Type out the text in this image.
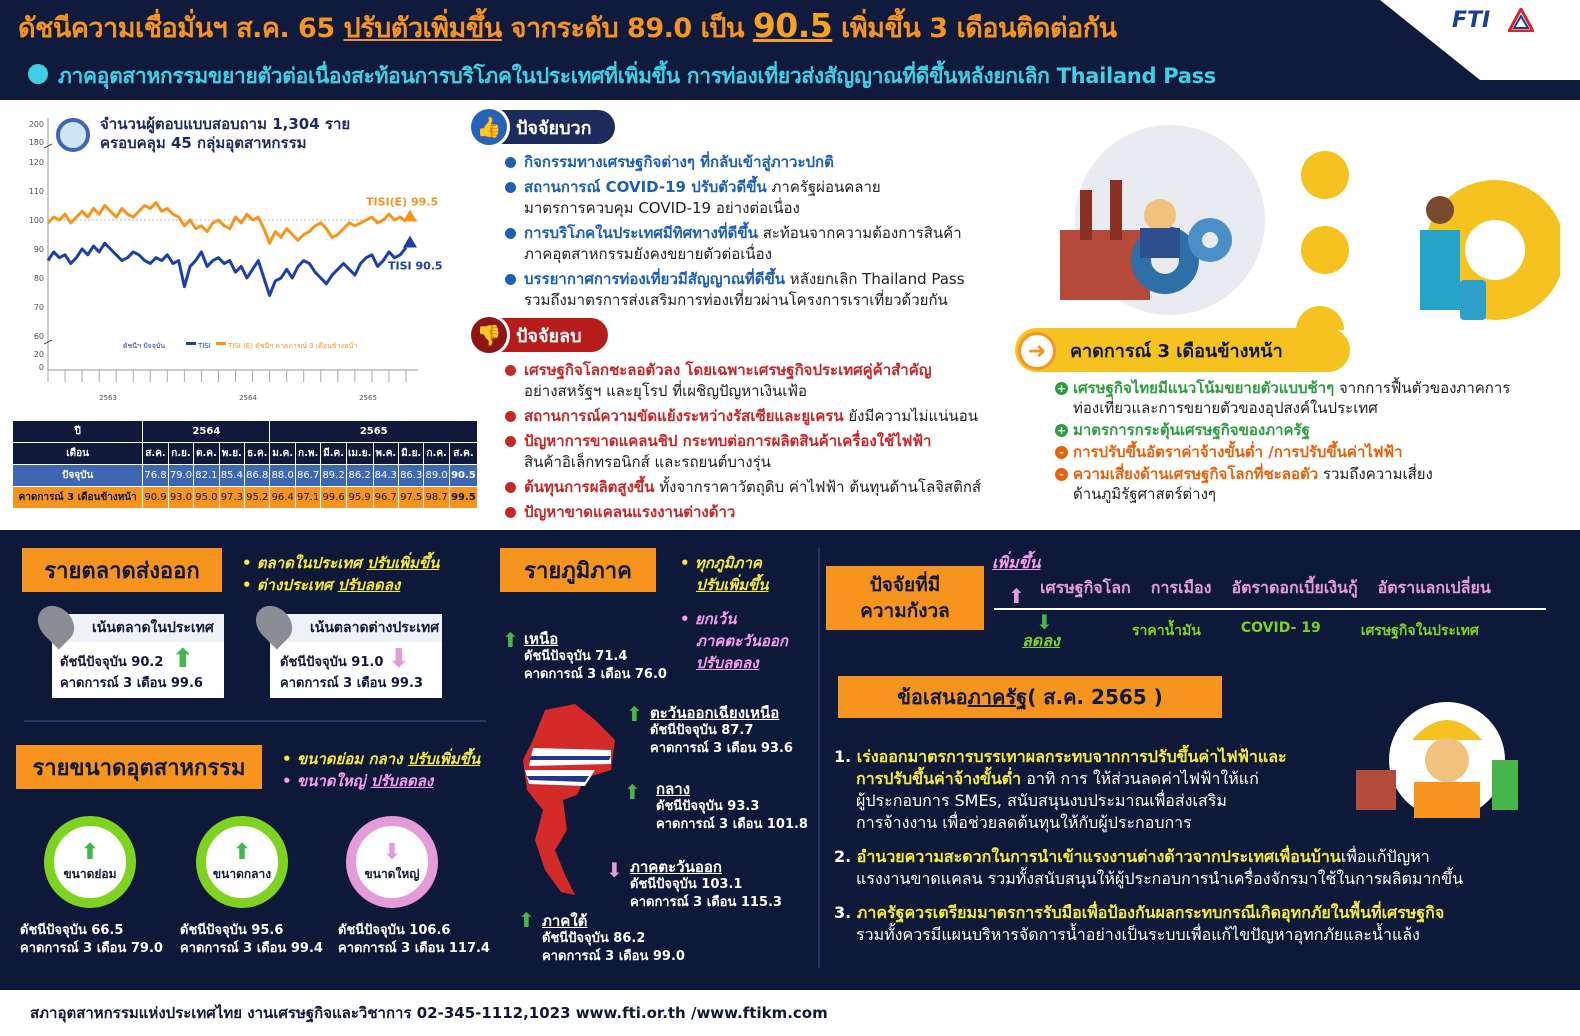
ดัชนีความเชื่อมั่นฯ ส.ค. 65 ปรับตัวเพิ่มขึ้น จากระดับ 89.0 เป็น 90.5 เพิ่มขึ้น 3 เดือนติดต่อกัน
ภาคอุตสาหกรรมขยายตัวต่อเนื่องสะท้อนการบริโภคในประเทศที่เพิ่มขึ้น การท่องเที่ยวส่งสัญญาณที่ดีขึ้นหลังยกเลิก Thailand Pass
FTI
จำนวนผู้ตอบแบบสอบถาม 1,304 ราย
ครอบคลุม 45 กลุ่มอุตสาหกรรม
200
180
120
110
100
90
80
70
60
20
0
2563	2564	2565
TISI(E) 99.5
TISI 90.5
ดัชนีฯ ปัจจุบัน	TISI TISI (E) ดัชนีฯ คาดการณ์ 3 เดือนข้างหน้า
ปี	2564					2565							
เดือน	ส.ค.	ก.ย.	ต.ค.	พ.ย.	ธ.ค.	ม.ค.	ก.พ.	มี.ค.	เม.ย.	พ.ค.	มิ.ย.	ก.ค.	ส.ค.
ปัจจุบัน	76.8	79.0	82.1	85.4	86.8	88.0	86.7	89.2	86.2	84.3	86.3	89.0	90.5
คาดการณ์ 3 เดือนข้างหน้า	90.9	93.0	95.0	97.3	95.2	96.4	97.1	99.6	95.9	96.7	97.5	98.7	99.5
ปัจจัยบวก
👍
กิจกรรมทางเศรษฐกิจต่างๆ ที่กลับเข้าสู่ภาวะปกติ
สถานการณ์ COVID-19 ปรับตัวดีขึ้น ภาครัฐผ่อนคลาย
มาตรการควบคุม COVID-19 อย่างต่อเนื่อง
การบริโภคในประเทศมีทิศทางที่ดีขึ้น สะท้อนจากความต้องการสินค้า
ภาคอุตสาหกรรมยังคงขยายตัวต่อเนื่อง
บรรยากาศการท่องเที่ยวมีสัญญาณที่ดีขึ้น หลังยกเลิก Thailand Pass
รวมถึงมาตรการส่งเสริมการท่องเที่ยวผ่านโครงการเราเที่ยวด้วยกัน
ปัจจัยลบ
👎
เศรษฐกิจโลกชะลอตัวลง โดยเฉพาะเศรษฐกิจประเทศคู่ค้าสำคัญ
อย่างสหรัฐฯ และยุโรป ที่เผชิญปัญหาเงินเฟ้อ
สถานการณ์ความขัดแย้งระหว่างรัสเซียและยูเครน ยังมีความไม่แน่นอน
ปัญหาการขาดแคลนชิป กระทบต่อการผลิตสินค้าเครื่องใช้ไฟฟ้า
สินค้าอิเล็กทรอนิกส์ และรถยนต์บางรุ่น
ต้นทุนการผลิตสูงขึ้น ทั้งจากราคาวัตถุดิบ ค่าไฟฟ้า ต้นทุนด้านโลจิสติกส์
ปัญหาขาดแคลนแรงงานต่างด้าว
คาดการณ์ 3 เดือนข้างหน้า
➜
+ เศรษฐกิจไทยมีแนวโน้มขยายตัวแบบช้าๆ จากการฟื้นตัวของภาคการ
ท่องเที่ยวและการขยายตัวของอุปสงค์ในประเทศ
+ มาตรการกระตุ้นเศรษฐกิจของภาครัฐ
- การปรับขึ้นอัตราค่าจ้างขั้นต่ำ /การปรับขึ้นค่าไฟฟ้า
- ความเสี่ยงด้านเศรษฐกิจโลกที่ชะลอตัว รวมถึงความเสี่ยง
ด้านภูมิรัฐศาสตร์ต่างๆ
รายตลาดส่งออก	• ตลาดในประเทศ ปรับเพิ่มขึ้น
• ต่างประเทศ ปรับลดลง
เน้นตลาดในประเทศ
ดัชนีปัจจุบัน 90.2
คาดการณ์ 3 เดือน 99.6
⬆
เน้นตลาดต่างประเทศ
ดัชนีปัจจุบัน 91.0
คาดการณ์ 3 เดือน 99.3
⬇
รายขนาดอุตสาหกรรม • ขนาดย่อม กลาง ปรับเพิ่มขึ้น
• ขนาดใหญ่ ปรับลดลง
⬆
ขนาดย่อม
⬆
ขนาดกลาง
⬇
ขนาดใหญ่
ดัชนีปัจจุบัน 66.5
คาดการณ์ 3 เดือน 79.0
ดัชนีปัจจุบัน 95.6
คาดการณ์ 3 เดือน 99.4
ดัชนีปัจจุบัน 106.6
คาดการณ์ 3 เดือน 117.4
รายภูมิภาค	• ทุกภูมิภาค
ปรับเพิ่มขึ้น
• ยกเว้น
ภาคตะวันออก
ปรับลดลง
⬆ เหนือ
ดัชนีปัจจุบัน 71.4
คาดการณ์ 3 เดือน 76.0
⬆ ตะวันออกเฉียงเหนือ
ดัชนีปัจจุบัน 87.7
คาดการณ์ 3 เดือน 93.6
⬆ กลาง
ดัชนีปัจจุบัน 93.3
คาดการณ์ 3 เดือน 101.8
⬇ ภาคตะวันออก
ดัชนีปัจจุบัน 103.1
คาดการณ์ 3 เดือน 115.3
⬆ ภาคใต้
ดัชนีปัจจุบัน 86.2
คาดการณ์ 3 เดือน 99.0
ปัจจัยที่มี
ความกังวล
เพิ่มขึ้น
⬆ เศรษฐกิจโลก การเมือง อัตราดอกเบี้ยเงินกู้ อัตราแลกเปลี่ยน
⬇
ลดลง	ราคาน้ำมัน	COVID- 19	เศรษฐกิจในประเทศ
ข้อเสนอ ภาครัฐ ( ส.ค. 2565 )
1. เร่งออกมาตรการบรรเทาผลกระทบจากการปรับขึ้นค่าไฟฟ้าและ
การปรับขึ้นค่าจ้างขั้นต่ำ อาทิ การ ให้ส่วนลดค่าไฟฟ้าให้แก่
ผู้ประกอบการ SMEs, สนับสนุนงบประมาณเพื่อส่งเสริม
การจ้างงาน เพื่อช่วยลดต้นทุนให้กับผู้ประกอบการ
2. อำนวยความสะดวกในการนำเข้าแรงงานต่างด้าวจากประเทศเพื่อนบ้านเพื่อแก้ปัญหา
แรงงานขาดแคลน รวมทั้งสนับสนุนให้ผู้ประกอบการนำเครื่องจักรมาใช้ในการผลิตมากขึ้น
3. ภาครัฐควรเตรียมมาตรการรับมือเพื่อป้องกันผลกระทบกรณีเกิดอุทกภัยในพื้นที่เศรษฐกิจ
รวมทั้งควรมีแผนบริหารจัดการน้ำอย่างเป็นระบบเพื่อแก้ไขปัญหาอุทกภัยและน้ำแล้ง
สภาอุตสาหกรรมแห่งประเทศไทย งานเศรษฐกิจและวิชาการ 02-345-1112,1023 www.fti.or.th /www.ftikm.com
